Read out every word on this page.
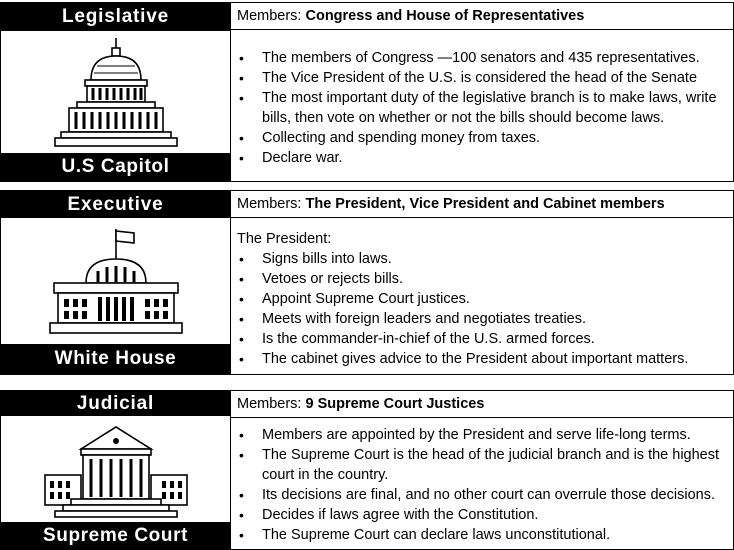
Legislative
U.S Capitol
Members: Congress and House of Representatives
• The members of Congress —100 senators and 435 representatives.
• The Vice President of the U.S. is considered the head of the Senate
• The most important duty of the legislative branch is to make laws, write bills, then vote on whether or not the bills should become laws.
• Collecting and spending money from taxes.
• Declare war.
Executive
White House
Members: The President, Vice President and Cabinet members
The President:
• Signs bills into laws.
• Vetoes or rejects bills.
• Appoint Supreme Court justices.
• Meets with foreign leaders and negotiates treaties.
• Is the commander-in-chief of the U.S. armed forces.
• The cabinet gives advice to the President about important matters.
Judicial
Supreme Court
Members: 9 Supreme Court Justices
• Members are appointed by the President and serve life-long terms.
• The Supreme Court is the head of the judicial branch and is the highest court in the country.
• Its decisions are final, and no other court can overrule those decisions.
• Decides if laws agree with the Constitution.
• The Supreme Court can declare laws unconstitutional.
